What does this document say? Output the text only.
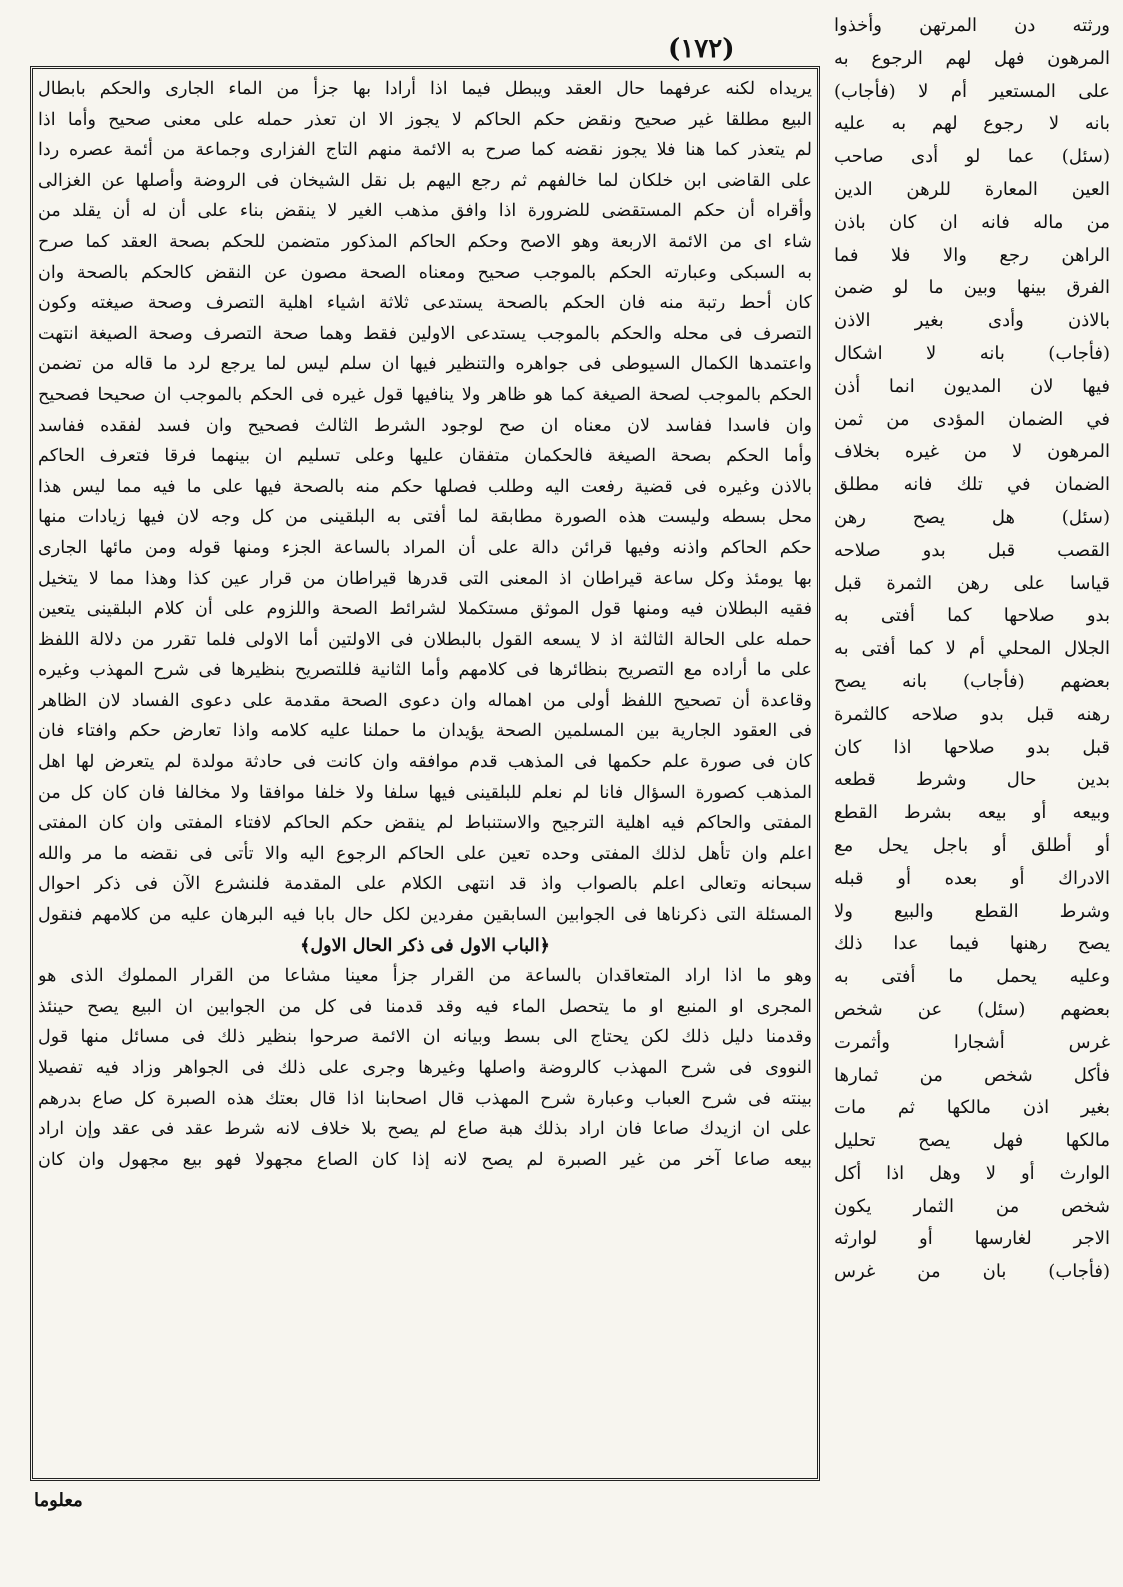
(١٧٢)
يريداه لكنه عرفهما حال العقد ويبطل فيما اذا أرادا بها جزأ من الماء الجارى والحكم بابطال
البيع مطلقا غير صحيح ونقض حكم الحاكم لا يجوز الا ان تعذر حمله على معنى صحيح وأما اذا
لم يتعذر كما هنا فلا يجوز نقضه كما صرح به الائمة منهم التاج الفزارى وجماعة من أئمة عصره ردا
على القاضى ابن خلكان لما خالفهم ثم رجع اليهم بل نقل الشيخان فى الروضة وأصلها عن الغزالى
وأقراه أن حكم المستقضى للضرورة اذا وافق مذهب الغير لا ينقض بناء على أن له أن يقلد من
شاء اى من الائمة الاربعة وهو الاصح وحكم الحاكم المذكور متضمن للحكم بصحة العقد كما صرح
به السبكى وعبارته الحكم بالموجب صحيح ومعناه الصحة مصون عن النقض كالحكم بالصحة وان
كان أحط رتبة منه فان الحكم بالصحة يستدعى ثلاثة اشياء اهلية التصرف وصحة صيغته وكون
التصرف فى محله والحكم بالموجب يستدعى الاولين فقط وهما صحة التصرف وصحة الصيغة انتهت
واعتمدها الكمال السيوطى فى جواهره والتنظير فيها ان سلم ليس لما يرجع لرد ما قاله من تضمن
الحكم بالموجب لصحة الصيغة كما هو ظاهر ولا ينافيها قول غيره فى الحكم بالموجب ان صحيحا فصحيح
وان فاسدا ففاسد لان معناه ان صح لوجود الشرط الثالث فصحيح وان فسد لفقده ففاسد
وأما الحكم بصحة الصيغة فالحكمان متفقان عليها وعلى تسليم ان بينهما فرقا فتعرف الحاكم
بالاذن وغيره فى قضية رفعت اليه وطلب فصلها حكم منه بالصحة فيها على ما فيه مما ليس هذا
محل بسطه وليست هذه الصورة مطابقة لما أفتى به البلقينى من كل وجه لان فيها زيادات منها
حكم الحاكم واذنه وفيها قرائن دالة على أن المراد بالساعة الجزء ومنها قوله ومن مائها الجارى
بها يومئذ وكل ساعة قيراطان اذ المعنى التى قدرها قيراطان من قرار عين كذا وهذا مما لا يتخيل
فقيه البطلان فيه ومنها قول الموثق مستكملا لشرائط الصحة واللزوم على أن كلام البلقينى يتعين
حمله على الحالة الثالثة اذ لا يسعه القول بالبطلان فى الاولتين أما الاولى فلما تقرر من دلالة اللفظ
على ما أراده مع التصريح بنظائرها فى كلامهم وأما الثانية فللتصريح بنظيرها فى شرح المهذب وغيره
وقاعدة أن تصحيح اللفظ أولى من اهماله وان دعوى الصحة مقدمة على دعوى الفساد لان الظاهر
فى العقود الجارية بين المسلمين الصحة يؤيدان ما حملنا عليه كلامه واذا تعارض حكم وافتاء فان
كان فى صورة علم حكمها فى المذهب قدم موافقه وان كانت فى حادثة مولدة لم يتعرض لها اهل
المذهب كصورة السؤال فانا لم نعلم للبلقينى فيها سلفا ولا خلفا موافقا ولا مخالفا فان كان كل من
المفتى والحاكم فيه اهلية الترجيح والاستنباط لم ينقض حكم الحاكم لافتاء المفتى وان كان المفتى
اعلم وان تأهل لذلك المفتى وحده تعين على الحاكم الرجوع اليه والا تأتى فى نقضه ما مر والله
سبحانه وتعالى اعلم بالصواب واذ قد انتهى الكلام على المقدمة فلنشرع الآن فى ذكر احوال
المسئلة التى ذكرناها فى الجوابين السابقين مفردين لكل حال بابا فيه البرهان عليه من كلامهم فنقول
﴿الباب الاول فى ذكر الحال الاول﴾
وهو ما اذا اراد المتعاقدان بالساعة من القرار جزأ معينا مشاعا من القرار المملوك الذى هو
المجرى او المنبع او ما يتحصل الماء فيه وقد قدمنا فى كل من الجوابين ان البيع يصح حينئذ
وقدمنا دليل ذلك لكن يحتاج الى بسط وبيانه ان الائمة صرحوا بنظير ذلك فى مسائل منها قول
النووى فى شرح المهذب كالروضة واصلها وغيرها وجرى على ذلك فى الجواهر وزاد فيه تفصيلا
بينته فى شرح العباب وعبارة شرح المهذب قال اصحابنا اذا قال بعتك هذه الصبرة كل صاع بدرهم
على ان ازيدك صاعا فان اراد بذلك هبة صاع لم يصح بلا خلاف لانه شرط عقد فى عقد وإن اراد
بيعه صاعا آخر من غير الصبرة لم يصح لانه إذا كان الصاع مجهولا فهو بيع مجهول وان كان
ورثته دن المرتهن وأخذوا
المرهون فهل لهم الرجوع به
على المستعير أم لا (فأجاب)
بانه لا رجوع لهم به عليه
(سئل) عما لو أدى صاحب
العين المعارة للرهن الدين
من ماله فانه ان كان باذن
الراهن رجع والا فلا فما
الفرق بينها وبين ما لو ضمن
بالاذن وأدى بغير الاذن
(فأجاب) بانه لا اشكال
فيها لان المديون انما أذن
في الضمان المؤدى من ثمن
المرهون لا من غيره بخلاف
الضمان في تلك فانه مطلق
(سئل) هل يصح رهن
القصب قبل بدو صلاحه
قياسا على رهن الثمرة قبل
بدو صلاحها كما أفتى به
الجلال المحلي أم لا كما أفتى به
بعضهم (فأجاب) بانه يصح
رهنه قبل بدو صلاحه كالثمرة
قبل بدو صلاحها اذا كان
بدين حال وشرط قطعه
وبيعه أو بيعه بشرط القطع
أو أطلق أو باجل يحل مع
الادراك أو بعده أو قبله
وشرط القطع والبيع ولا
يصح رهنها فيما عدا ذلك
وعليه يحمل ما أفتى به
بعضهم (سئل) عن شخص
غرس أشجارا وأثمرت
فأكل شخص من ثمارها
بغير اذن مالكها ثم مات
مالكها فهل يصح تحليل
الوارث أو لا وهل اذا أكل
شخص من الثمار يكون
الاجر لغارسها أو لوارثه
(فأجاب) بان من غرس
معلوما
